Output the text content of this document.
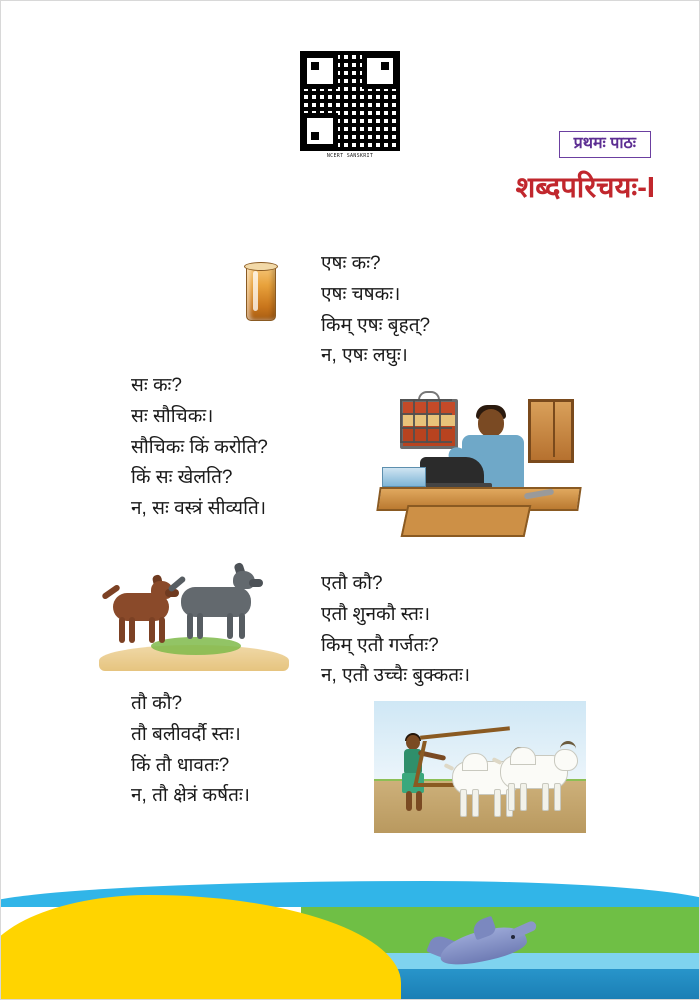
NCERT SANSKRIT
प्रथमः पाठः
शब्दपरिचयः-I
एषः कः?
एषः चषकः।
किम् एषः बृहत्?
न, एषः लघुः।
सः कः?
सः सौचिकः।
सौचिकः किं करोति?
किं सः खेलति?
न, सः वस्त्रं सीव्यति।
एतौ कौ?
एतौ शुनकौ स्तः।
किम् एतौ गर्जतः?
न, एतौ उच्चैः बुक्कतः।
तौ कौ?
तौ बलीवर्दौ स्तः।
किं तौ धावतः?
न, तौ क्षेत्रं कर्षतः।
